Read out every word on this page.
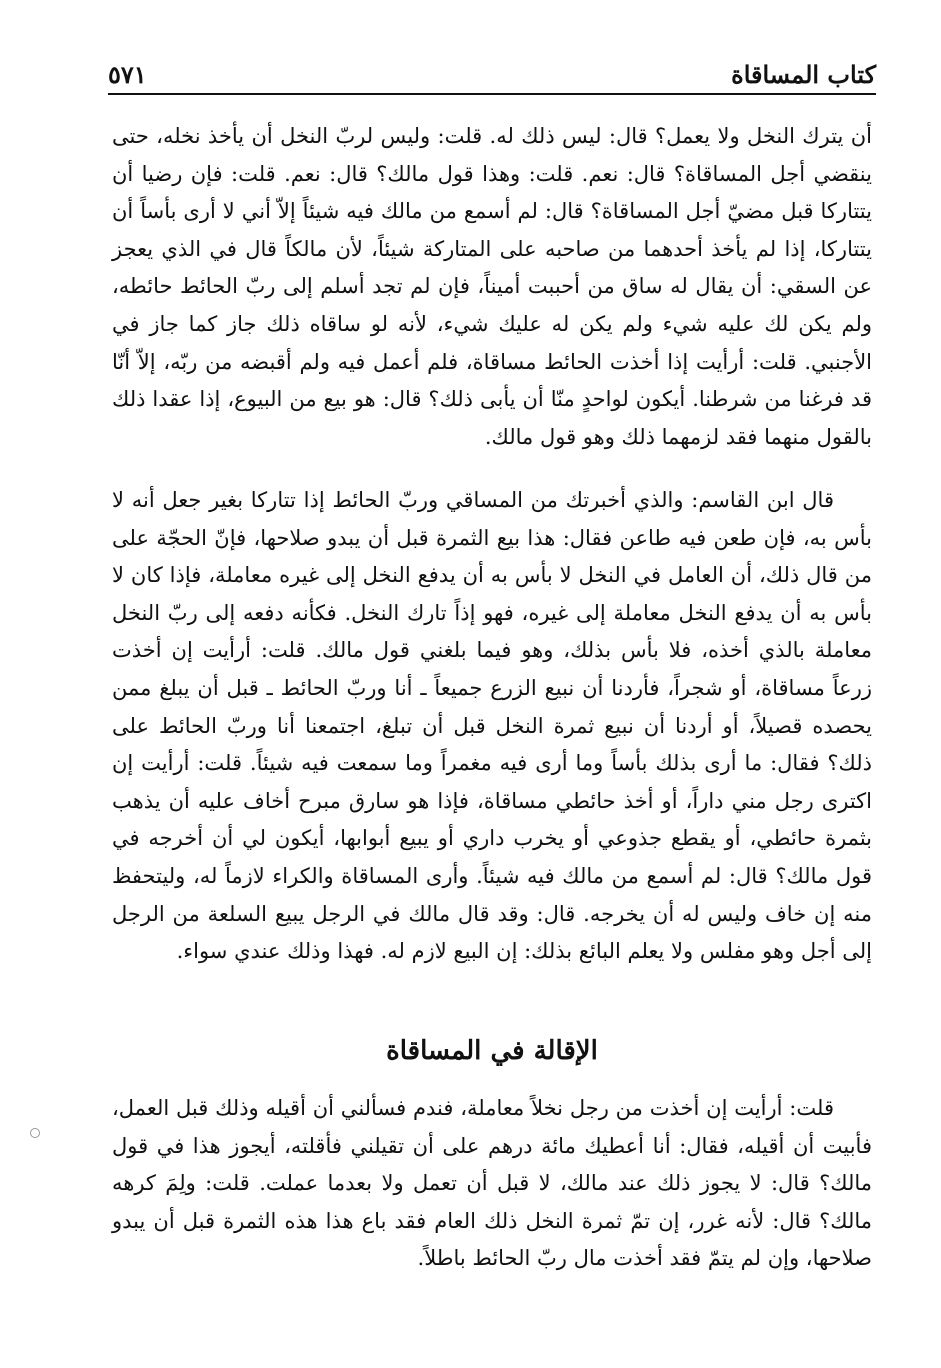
كتاب المساقاة
٥٧١

أن يترك النخل ولا يعمل؟ قال: ليس ذلك له. قلت: وليس لربّ النخل أن يأخذ نخله، حتى ينقضي أجل المساقاة؟ قال: نعم. قلت: وهذا قول مالك؟ قال: نعم. قلت: فإن رضيا أن يتتاركا قبل مضيّ أجل المساقاة؟ قال: لم أسمع من مالك فيه شيئاً إلاّ أني لا أرى بأساً أن يتتاركا، إذا لم يأخذ أحدهما من صاحبه على المتاركة شيئاً، لأن مالكاً قال في الذي يعجز عن السقي: أن يقال له ساق من أحببت أميناً، فإن لم تجد أسلم إلى ربّ الحائط حائطه، ولم يكن لك عليه شيء ولم يكن له عليك شيء، لأنه لو ساقاه ذلك جاز كما جاز في الأجنبي. قلت: أرأيت إذا أخذت الحائط مساقاة، فلم أعمل فيه ولم أقبضه من ربّه، إلاّ أنّا قد فرغنا من شرطنا. أيكون لواحدٍ منّا أن يأبى ذلك؟ قال: هو بيع من البيوع، إذا عقدا ذلك بالقول منهما فقد لزمهما ذلك وهو قول مالك.

قال ابن القاسم: والذي أخبرتك من المساقي وربّ الحائط إذا تتاركا بغير جعل أنه لا بأس به، فإن طعن فيه طاعن فقال: هذا بيع الثمرة قبل أن يبدو صلاحها، فإنّ الحجّة على من قال ذلك، أن العامل في النخل لا بأس به أن يدفع النخل إلى غيره معاملة، فإذا كان لا بأس به أن يدفع النخل معاملة إلى غيره، فهو إذاً تارك النخل. فكأنه دفعه إلى ربّ النخل معاملة بالذي أخذه، فلا بأس بذلك، وهو فيما بلغني قول مالك. قلت: أرأيت إن أخذت زرعاً مساقاة، أو شجراً، فأردنا أن نبيع الزرع جميعاً ـ أنا وربّ الحائط ـ قبل أن يبلغ ممن يحصده قصيلاً، أو أردنا أن نبيع ثمرة النخل قبل أن تبلغ، اجتمعنا أنا وربّ الحائط على ذلك؟ فقال: ما أرى بذلك بأساً وما أرى فيه مغمراً وما سمعت فيه شيئاً. قلت: أرأيت إن اكترى رجل مني داراً، أو أخذ حائطي مساقاة، فإذا هو سارق مبرح أخاف عليه أن يذهب بثمرة حائطي، أو يقطع جذوعي أو يخرب داري أو يبيع أبوابها، أيكون لي أن أخرجه في قول مالك؟ قال: لم أسمع من مالك فيه شيئاً. وأرى المساقاة والكراء لازماً له، وليتحفظ منه إن خاف وليس له أن يخرجه. قال: وقد قال مالك في الرجل يبيع السلعة من الرجل إلى أجل وهو مفلس ولا يعلم البائع بذلك: إن البيع لازم له. فهذا وذلك عندي سواء.

الإقالة في المساقاة

قلت: أرأيت إن أخذت من رجل نخلاً معاملة، فندم فسألني أن أقيله وذلك قبل العمل، فأبيت أن أقيله، فقال: أنا أعطيك مائة درهم على أن تقيلني فأقلته، أيجوز هذا في قول مالك؟ قال: لا يجوز ذلك عند مالك، لا قبل أن تعمل ولا بعدما عملت. قلت: ولِمَ كرهه مالك؟ قال: لأنه غرر، إن تمّ ثمرة النخل ذلك العام فقد باع هذا هذه الثمرة قبل أن يبدو صلاحها، وإن لم يتمّ فقد أخذت مال ربّ الحائط باطلاً.
